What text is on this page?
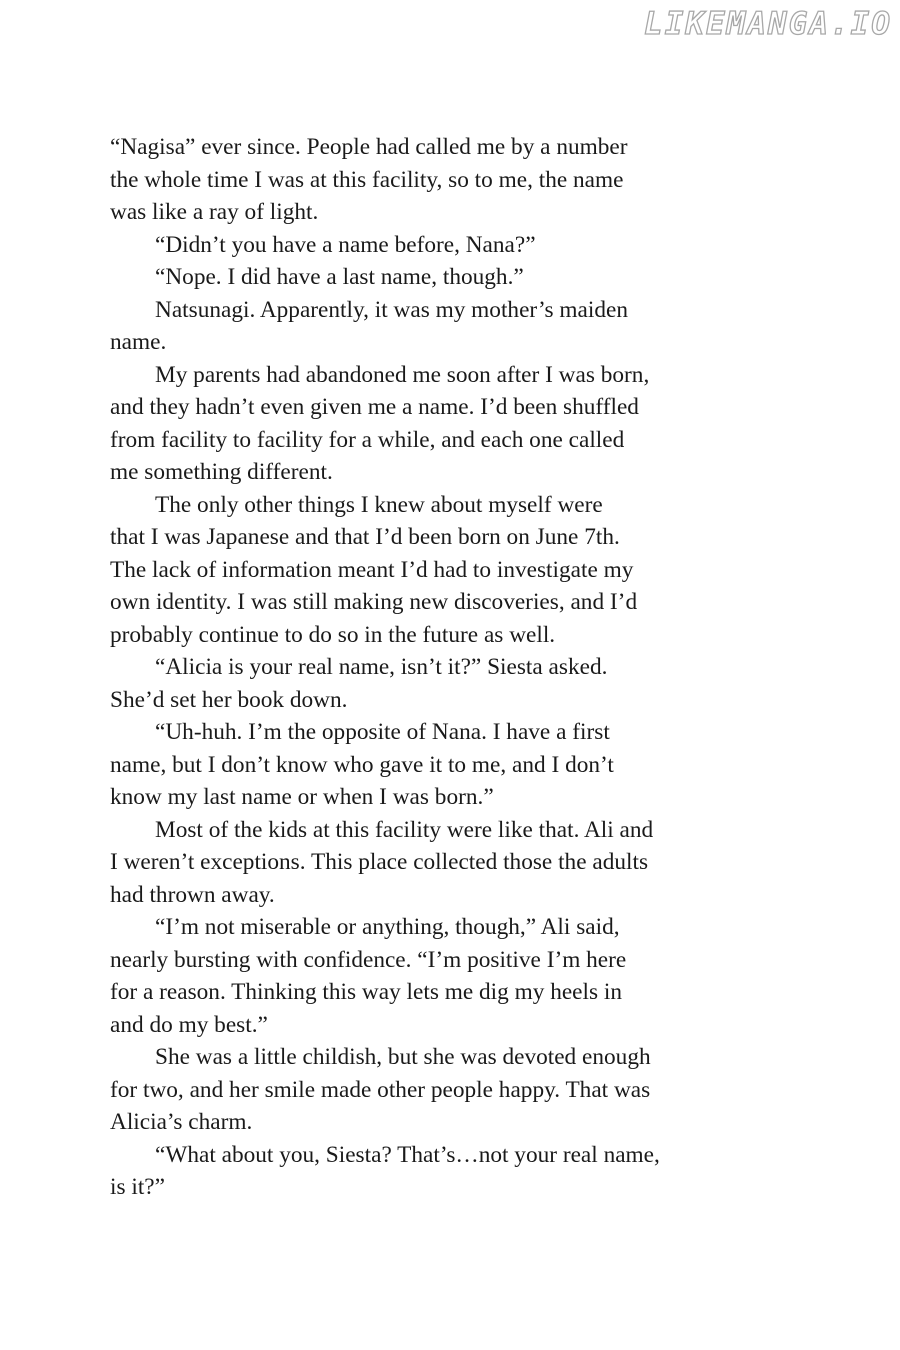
LIKEMANGA.IO
“Nagisa” ever since. People had called me by a number
the whole time I was at this facility, so to me, the name
was like a ray of light.
“Didn’t you have a name before, Nana?”
“Nope. I did have a last name, though.”
Natsunagi. Apparently, it was my mother’s maiden
name.
My parents had abandoned me soon after I was born,
and they hadn’t even given me a name. I’d been shuffled
from facility to facility for a while, and each one called
me something different.
The only other things I knew about myself were
that I was Japanese and that I’d been born on June 7th.
The lack of information meant I’d had to investigate my
own identity. I was still making new discoveries, and I’d
probably continue to do so in the future as well.
“Alicia is your real name, isn’t it?” Siesta asked.
She’d set her book down.
“Uh-huh. I’m the opposite of Nana. I have a first
name, but I don’t know who gave it to me, and I don’t
know my last name or when I was born.”
Most of the kids at this facility were like that. Ali and
I weren’t exceptions. This place collected those the adults
had thrown away.
“I’m not miserable or anything, though,” Ali said,
nearly bursting with confidence. “I’m positive I’m here
for a reason. Thinking this way lets me dig my heels in
and do my best.”
She was a little childish, but she was devoted enough
for two, and her smile made other people happy. That was
Alicia’s charm.
“What about you, Siesta? That’s…not your real name,
is it?”
